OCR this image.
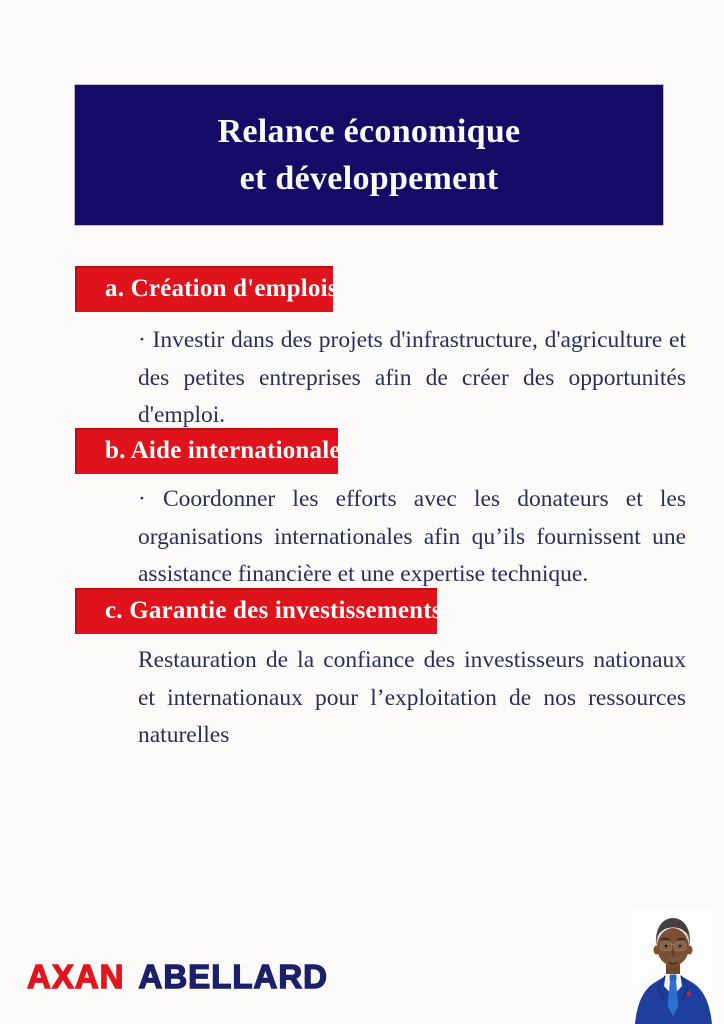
Relance économique
et développement
a. Création d'emplois
· Investir dans des projets d'infrastructure, d'agriculture et
des petites entreprises afin de créer des opportunités
d'emploi.
b. Aide internationale
· Coordonner les efforts avec les donateurs et les
organisations internationales afin qu’ils fournissent une
assistance financière et une expertise technique.
c. Garantie des investissements
Restauration de la confiance des investisseurs nationaux
et internationaux pour l’exploitation de nos ressources
naturelles
AXAN ABELLARD
